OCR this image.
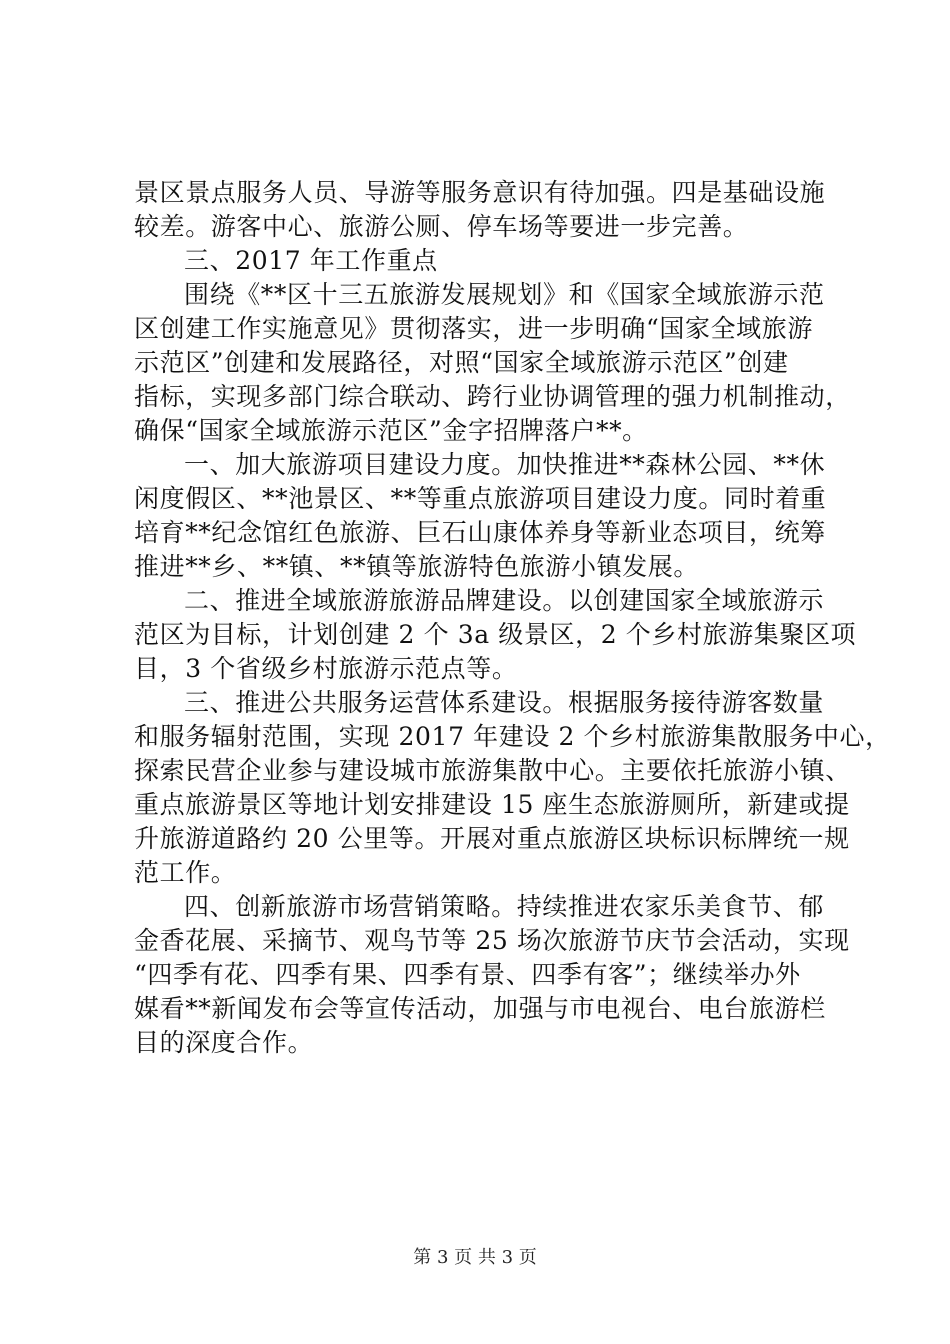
景区景点服务人员、导游等服务意识有待加强。四是基础设施
较差。游客中心、旅游公厕、停车场等要进一步完善。
三、2017 年工作重点
围绕《**区十三五旅游发展规划》和《国家全域旅游示范
区创建工作实施意见》贯彻落实，进一步明确“国家全域旅游
示范区”创建和发展路径，对照“国家全域旅游示范区”创建
指标，实现多部门综合联动、跨行业协调管理的强力机制推动，
确保“国家全域旅游示范区”金字招牌落户**。
一、加大旅游项目建设力度。加快推进**森林公园、**休
闲度假区、**池景区、**等重点旅游项目建设力度。同时着重
培育**纪念馆红色旅游、巨石山康体养身等新业态项目，统筹
推进**乡、**镇、**镇等旅游特色旅游小镇发展。
二、推进全域旅游旅游品牌建设。以创建国家全域旅游示
范区为目标，计划创建 2 个 3a 级景区，2 个乡村旅游集聚区项
目，3 个省级乡村旅游示范点等。
三、推进公共服务运营体系建设。根据服务接待游客数量
和服务辐射范围，实现 2017 年建设 2 个乡村旅游集散服务中心，
探索民营企业参与建设城市旅游集散中心。主要依托旅游小镇、
重点旅游景区等地计划安排建设 15 座生态旅游厕所，新建或提
升旅游道路约 20 公里等。开展对重点旅游区块标识标牌统一规
范工作。
四、创新旅游市场营销策略。持续推进农家乐美食节、郁
金香花展、采摘节、观鸟节等 25 场次旅游节庆节会活动，实现
“四季有花、四季有果、四季有景、四季有客”；继续举办外
媒看**新闻发布会等宣传活动，加强与市电视台、电台旅游栏
目的深度合作。
第 3 页 共 3 页
